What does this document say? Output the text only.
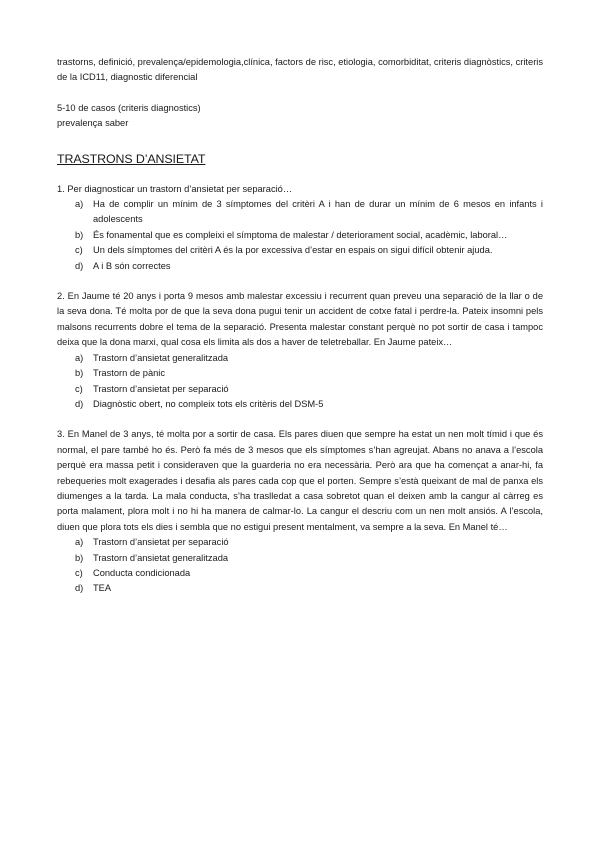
trastorns, definició, prevalença/epidemologia,clínica, factors de risc, etiologia, comorbiditat, criteris diagnòstics, criteris de la ICD11, diagnostic diferencial

5-10 de casos (criteris diagnostics)

prevalença saber

TRASTRONS D’ANSIETAT

1. Per diagnosticar un trastorn d’ansietat per separació…

a) Ha de complir un mínim de 3 símptomes del critèri A i han de durar un mínim de 6 mesos en infants i adolescents
b) És fonamental que es compleixi el símptoma de malestar / deteriorament social, acadèmic, laboral…
c) Un dels símptomes del critèri A és la por excessiva d’estar en espais on sigui difícil obtenir ajuda.
d) A i B són correctes

2. En Jaume té 20 anys i porta 9 mesos amb malestar excessiu i recurrent quan preveu una separació de la llar o de la seva dona. Té molta por de que la seva dona pugui tenir un accident de cotxe fatal i perdre-la. Pateix insomni pels malsons recurrents dobre el tema de la separació. Presenta malestar constant perquè no pot sortir de casa i tampoc deixa que la dona marxi, qual cosa els limita als dos a haver de teletreballar. En Jaume pateix…

a) Trastorn d’ansietat generalitzada
b) Trastorn de pànic
c) Trastorn d’ansietat per separació
d) Diagnòstic obert, no compleix tots els critèris del DSM-5

3. En Manel de 3 anys, té molta por a sortir de casa. Els pares diuen que sempre ha estat un nen molt tímid i que és normal, el pare també ho és. Però fa més de 3 mesos que els símptomes s’han agreujat. Abans no anava a l’escola perquè era massa petit i consideraven que la guarderia no era necessària. Però ara que ha començat a anar-hi, fa rebequeries molt exagerades i desafia als pares cada cop que el porten. Sempre s’està queixant de mal de panxa els diumenges a la tarda. La mala conducta, s’ha traslledat a casa sobretot quan el deixen amb la cangur al càrreg es porta malament, plora molt i no hi ha manera de calmar-lo. La cangur el descriu com un nen molt ansiós. A l’escola, diuen que plora tots els dies i sembla que no estigui present mentalment, va sempre a la seva. En Manel té…

a) Trastorn d’ansietat per separació
b) Trastorn d’ansietat generalitzada
c) Conducta condicionada
d) TEA
